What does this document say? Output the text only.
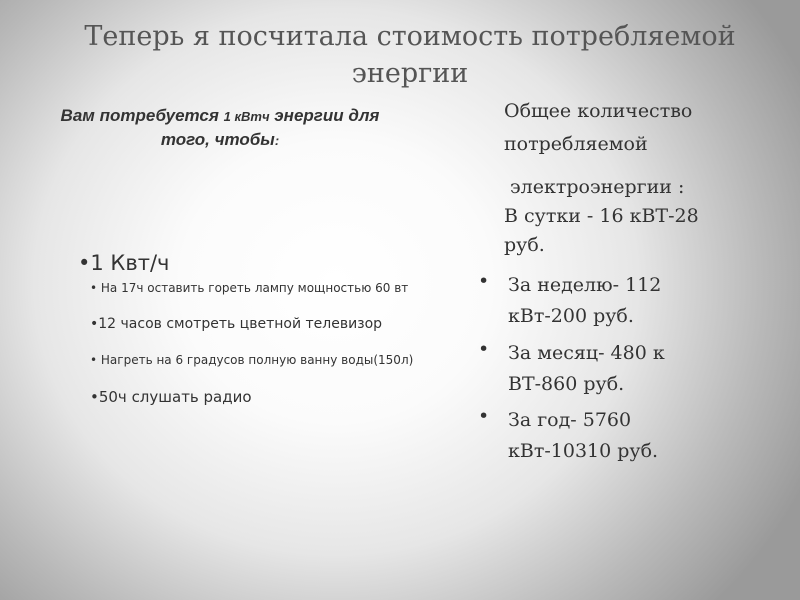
Теперь я посчитала стоимость потребляемой
энергии
Вам потребуется 1 кВтч энергии для
того, чтобы:
•1 Квт/ч
• На 17ч оставить гореть лампу мощностью 60 вт
•12 часов смотреть цветной телевизор
• Нагреть на 6 градусов полную ванну воды(150л)
•50ч слушать радио
Общее количество
потребляемой
электроэнергии :
В сутки - 16 кВТ-28
руб.
• За неделю- 112
кВт-200 руб.
• За месяц- 480 к
ВТ-860 руб.
• За год- 5760
кВт-10310 руб.
